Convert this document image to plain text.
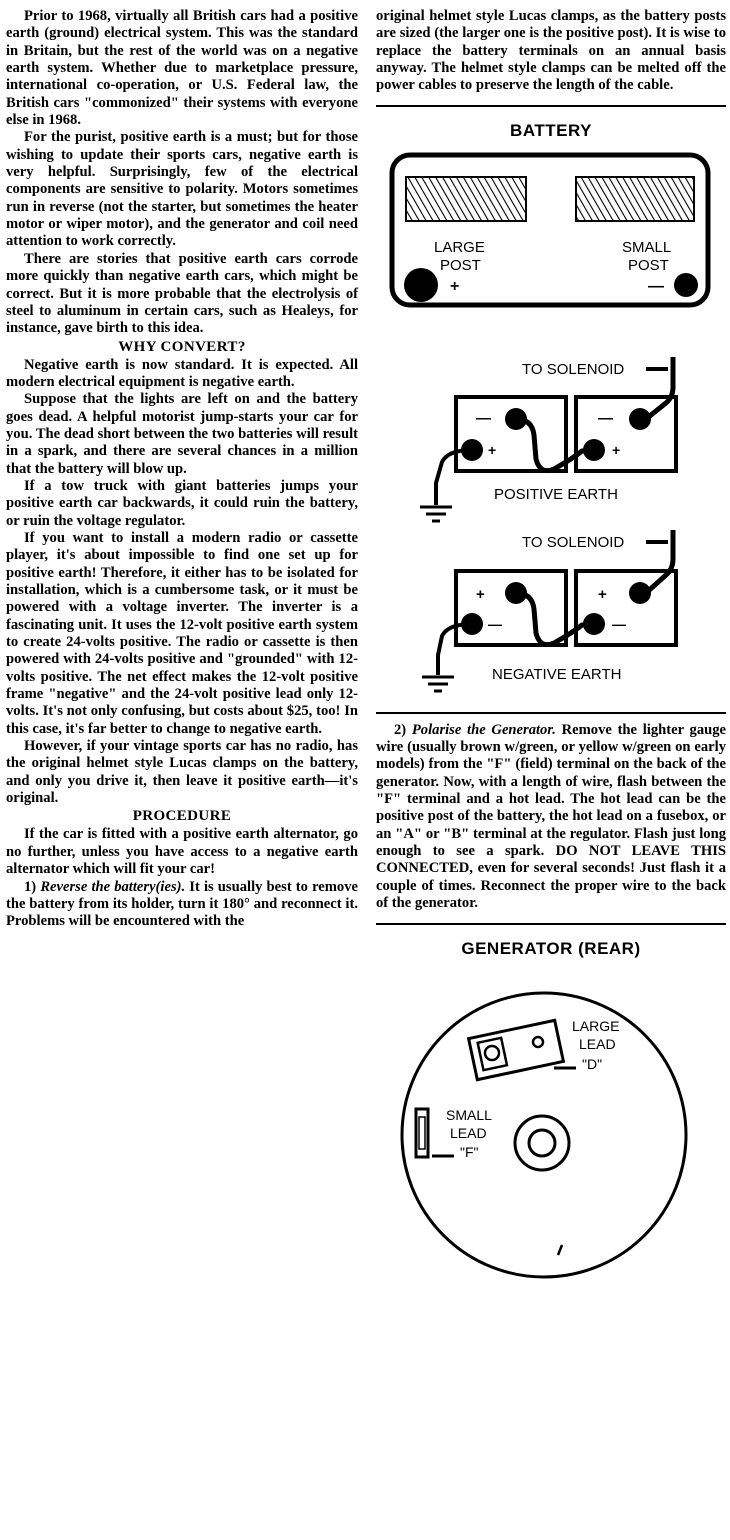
Prior to 1968, virtually all British cars had a positive earth (ground) electrical system. This was the standard in Britain, but the rest of the world was on a negative earth system. Whether due to marketplace pressure, international co-operation, or U.S. Federal law, the British cars "commonized" their systems with everyone else in 1968.

For the purist, positive earth is a must; but for those wishing to update their sports cars, negative earth is very helpful. Surprisingly, few of the electrical components are sensitive to polarity. Motors sometimes run in reverse (not the starter, but sometimes the heater motor or wiper motor), and the generator and coil need attention to work correctly.

There are stories that positive earth cars corrode more quickly than negative earth cars, which might be correct. But it is more probable that the electrolysis of steel to aluminum in certain cars, such as Healeys, for instance, gave birth to this idea.

WHY CONVERT?

Negative earth is now standard. It is expected. All modern electrical equipment is negative earth.

Suppose that the lights are left on and the battery goes dead. A helpful motorist jump-starts your car for you. The dead short between the two batteries will result in a spark, and there are several chances in a million that the battery will blow up.

If a tow truck with giant batteries jumps your positive earth car backwards, it could ruin the battery, or ruin the voltage regulator.

If you want to install a modern radio or cassette player, it's about impossible to find one set up for positive earth! Therefore, it either has to be isolated for installation, which is a cumbersome task, or it must be powered with a voltage inverter. The inverter is a fascinating unit. It uses the 12-volt positive earth system to create 24-volts positive. The radio or cassette is then powered with 24-volts positive and "grounded" with 12-volts positive. The net effect makes the 12-volt positive frame "negative" and the 24-volt positive lead only 12-volts. It's not only confusing, but costs about $25, too! In this case, it's far better to change to negative earth.

However, if your vintage sports car has no radio, has the original helmet style Lucas clamps on the battery, and only you drive it, then leave it positive earth—it's original.

PROCEDURE

If the car is fitted with a positive earth alternator, go no further, unless you have access to a negative earth alternator which will fit your car!

1) Reverse the battery(ies). It is usually best to remove the battery from its holder, turn it 180° and reconnect it. Problems will be encountered with the

original helmet style Lucas clamps, as the battery posts are sized (the larger one is the positive post). It is wise to replace the battery terminals on an annual basis anyway. The helmet style clamps can be melted off the power cables to preserve the length of the cable.

BATTERY
LARGE
POST
SMALL
POST
+	—
TO SOLENOID
—
+
—
+
POSITIVE EARTH
TO SOLENOID
+
—
+
—
NEGATIVE EARTH

2) Polarise the Generator. Remove the lighter gauge wire (usually brown w/green, or yellow w/green on early models) from the "F" (field) terminal on the back of the generator. Now, with a length of wire, flash between the "F" terminal and a hot lead. The hot lead can be the positive post of the battery, the hot lead on a fusebox, or an "A" or "B" terminal at the regulator. Flash just long enough to see a spark. DO NOT LEAVE THIS CONNECTED, even for several seconds! Just flash it a couple of times. Reconnect the proper wire to the back of the generator.

GENERATOR (REAR)
LARGE
LEAD
"D"
SMALL
LEAD
"F"
